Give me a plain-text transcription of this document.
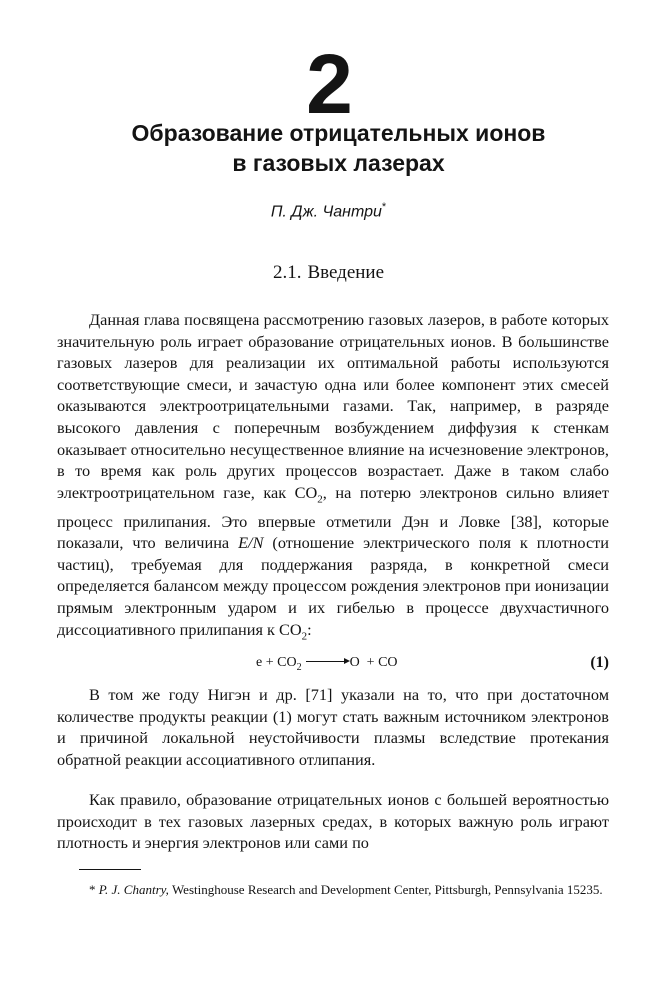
2
Образование отрицательных ионов
в газовых лазерах
П. Дж. Чантри*
2.1. Введение

Данная глава посвящена рассмотрению газовых лазеров, в работе которых значительную роль играет образование отрицательных ионов. В большинстве газовых лазеров для реализации их оптимальной работы используются соответствующие смеси, и зачастую одна или более компонент этих смесей оказываются электроотрицательными газами. Так, например, в разряде высокого давления с поперечным возбуждением диффузия к стенкам оказывает относительно несущественное влияние на исчезновение электронов, в то время как роль других процессов возрастает. Даже в таком слабо электроотрицательном газе, как $CO_2$, на потерю электронов сильно влияет процесс прилипания. Это впервые отметили Дэн и Ловке [38], которые показали, что величина E/N (отношение электрического поля к плотности частиц), требуемая для поддержания разряда, в конкретной смеси определяется балансом между процессом рождения электронов при ионизации прямым электронным ударом и их гибелью в процессе двухчастичного диссоциативного прилипания к $CO_2$:

$e + CO_2$	O  + CO	(1)

В том же году Нигэн и др. [71] указали на то, что при достаточном количестве продукты реакции (1) могут стать важным источником электронов и причиной локальной неустойчивости плазмы вследствие протекания обратной реакции ассоциативного отлипания.

Как правило, образование отрицательных ионов с большей вероятностью происходит в тех газовых лазерных средах, в которых важную роль играют плотность и энергия электронов или сами по

* P. J. Chantry, Westinghouse Research and Development Center, Pittsburgh, Pennsylvania 15235.
